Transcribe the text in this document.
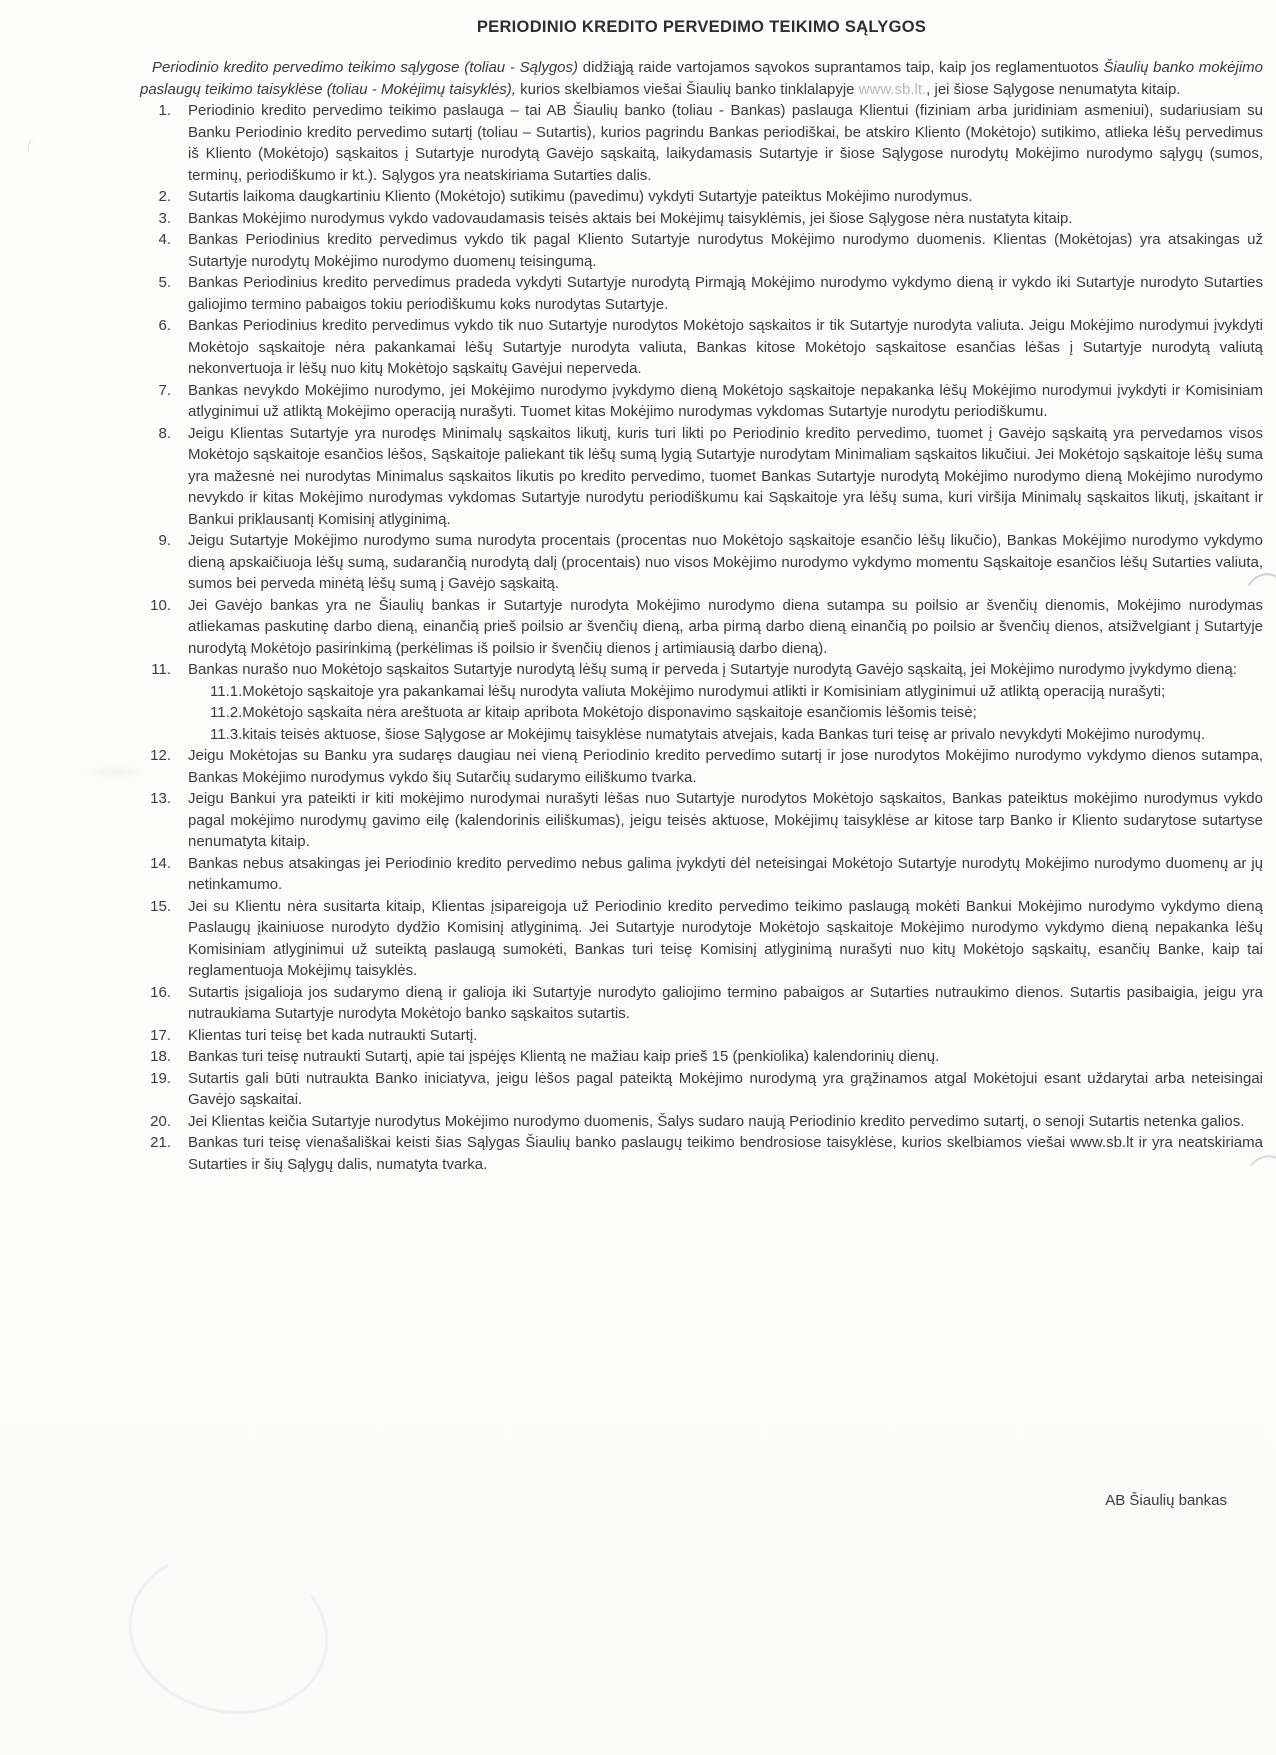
PERIODINIO KREDITO PERVEDIMO TEIKIMO SĄLYGOS

Periodinio kredito pervedimo teikimo sąlygose (toliau - Sąlygos) didžiąją raide vartojamos sąvokos suprantamos taip, kaip jos reglamentuotos Šiaulių banko mokėjimo paslaugų teikimo taisyklėse (toliau - Mokėjimų taisyklės), kurios skelbiamos viešai Šiaulių banko tinklalapyje www.sb.lt., jei šiose Sąlygose nenumatyta kitaip.

1. Periodinio kredito pervedimo teikimo paslauga – tai AB Šiaulių banko (toliau - Bankas) paslauga Klientui (fiziniam arba juridiniam asmeniui), sudariusiam su Banku Periodinio kredito pervedimo sutartį (toliau – Sutartis), kurios pagrindu Bankas periodiškai, be atskiro Kliento (Mokėtojo) sutikimo, atlieka lėšų pervedimus iš Kliento (Mokėtojo) sąskaitos į Sutartyje nurodytą Gavėjo sąskaitą, laikydamasis Sutartyje ir šiose Sąlygose nurodytų Mokėjimo nurodymo sąlygų (sumos, terminų, periodiškumo ir kt.). Sąlygos yra neatskiriama Sutarties dalis.
2. Sutartis laikoma daugkartiniu Kliento (Mokėtojo) sutikimu (pavedimu) vykdyti Sutartyje pateiktus Mokėjimo nurodymus.
3. Bankas Mokėjimo nurodymus vykdo vadovaudamasis teisės aktais bei Mokėjimų taisyklėmis, jei šiose Sąlygose nėra nustatyta kitaip.
4. Bankas Periodinius kredito pervedimus vykdo tik pagal Kliento Sutartyje nurodytus Mokėjimo nurodymo duomenis. Klientas (Mokėtojas) yra atsakingas už Sutartyje nurodytų Mokėjimo nurodymo duomenų teisingumą.
5. Bankas Periodinius kredito pervedimus pradeda vykdyti Sutartyje nurodytą Pirmąją Mokėjimo nurodymo vykdymo dieną ir vykdo iki Sutartyje nurodyto Sutarties galiojimo termino pabaigos tokiu periodiškumu koks nurodytas Sutartyje.
6. Bankas Periodinius kredito pervedimus vykdo tik nuo Sutartyje nurodytos Mokėtojo sąskaitos ir tik Sutartyje nurodyta valiuta. Jeigu Mokėjimo nurodymui įvykdyti Mokėtojo sąskaitoje nėra pakankamai lėšų Sutartyje nurodyta valiuta, Bankas kitose Mokėtojo sąskaitose esančias lėšas į Sutartyje nurodytą valiutą nekonvertuoja ir lėšų nuo kitų Mokėtojo sąskaitų Gavėjui neperveda.
7. Bankas nevykdo Mokėjimo nurodymo, jei Mokėjimo nurodymo įvykdymo dieną Mokėtojo sąskaitoje nepakanka lėšų Mokėjimo nurodymui įvykdyti ir Komisiniam atlyginimui už atliktą Mokėjimo operaciją nurašyti. Tuomet kitas Mokėjimo nurodymas vykdomas Sutartyje nurodytu periodiškumu.
8. Jeigu Klientas Sutartyje yra nurodęs Minimalų sąskaitos likutį, kuris turi likti po Periodinio kredito pervedimo, tuomet į Gavėjo sąskaitą yra pervedamos visos Mokėtojo sąskaitoje esančios lėšos, Sąskaitoje paliekant tik lėšų sumą lygią Sutartyje nurodytam Minimaliam sąskaitos likučiui. Jei Mokėtojo sąskaitoje lėšų suma yra mažesnė nei nurodytas Minimalus sąskaitos likutis po kredito pervedimo, tuomet Bankas Sutartyje nurodytą Mokėjimo nurodymo dieną Mokėjimo nurodymo nevykdo ir kitas Mokėjimo nurodymas vykdomas Sutartyje nurodytu periodiškumu kai Sąskaitoje yra lėšų suma, kuri viršija Minimalų sąskaitos likutį, įskaitant ir Bankui priklausantį Komisinį atlyginimą.
9. Jeigu Sutartyje Mokėjimo nurodymo suma nurodyta procentais (procentas nuo Mokėtojo sąskaitoje esančio lėšų likučio), Bankas Mokėjimo nurodymo vykdymo dieną apskaičiuoja lėšų sumą, sudarančią nurodytą dalį (procentais) nuo visos Mokėjimo nurodymo vykdymo momentu Sąskaitoje esančios lėšų Sutarties valiuta, sumos bei perveda minėtą lėšų sumą į Gavėjo sąskaitą.
10. Jei Gavėjo bankas yra ne Šiaulių bankas ir Sutartyje nurodyta Mokėjimo nurodymo diena sutampa su poilsio ar švenčių dienomis, Mokėjimo nurodymas atliekamas paskutinę darbo dieną, einančią prieš poilsio ar švenčių dieną, arba pirmą darbo dieną einančią po poilsio ar švenčių dienos, atsižvelgiant į Sutartyje nurodytą Mokėtojo pasirinkimą (perkėlimas iš poilsio ir švenčių dienos į artimiausią darbo dieną).
11. Bankas nurašo nuo Mokėtojo sąskaitos Sutartyje nurodytą lėšų sumą ir perveda į Sutartyje nurodytą Gavėjo sąskaitą, jei Mokėjimo nurodymo įvykdymo dieną:
11.1. Mokėtojo sąskaitoje yra pakankamai lėšų nurodyta valiuta Mokėjimo nurodymui atlikti ir Komisiniam atlyginimui už atliktą operaciją nurašyti;
11.2. Mokėtojo sąskaita nėra areštuota ar kitaip apribota Mokėtojo disponavimo sąskaitoje esančiomis lėšomis teisė;
11.3. kitais teisės aktuose, šiose Sąlygose ar Mokėjimų taisyklėse numatytais atvejais, kada Bankas turi teisę ar privalo nevykdyti Mokėjimo nurodymų.
12. Jeigu Mokėtojas su Banku yra sudaręs daugiau nei vieną Periodinio kredito pervedimo sutartį ir jose nurodytos Mokėjimo nurodymo vykdymo dienos sutampa, Bankas Mokėjimo nurodymus vykdo šių Sutarčių sudarymo eiliškumo tvarka.
13. Jeigu Bankui yra pateikti ir kiti mokėjimo nurodymai nurašyti lėšas nuo Sutartyje nurodytos Mokėtojo sąskaitos, Bankas pateiktus mokėjimo nurodymus vykdo pagal mokėjimo nurodymų gavimo eilę (kalendorinis eiliškumas), jeigu teisės aktuose, Mokėjimų taisyklėse ar kitose tarp Banko ir Kliento sudarytose sutartyse nenumatyta kitaip.
14. Bankas nebus atsakingas jei Periodinio kredito pervedimo nebus galima įvykdyti dėl neteisingai Mokėtojo Sutartyje nurodytų Mokėjimo nurodymo duomenų ar jų netinkamumo.
15. Jei su Klientu nėra susitarta kitaip, Klientas įsipareigoja už Periodinio kredito pervedimo teikimo paslaugą mokėti Bankui Mokėjimo nurodymo vykdymo dieną Paslaugų įkainiuose nurodyto dydžio Komisinį atlyginimą. Jei Sutartyje nurodytoje Mokėtojo sąskaitoje Mokėjimo nurodymo vykdymo dieną nepakanka lėšų Komisiniam atlyginimui už suteiktą paslaugą sumokėti, Bankas turi teisę Komisinį atlyginimą nurašyti nuo kitų Mokėtojo sąskaitų, esančių Banke, kaip tai reglamentuoja Mokėjimų taisyklės.
16. Sutartis įsigalioja jos sudarymo dieną ir galioja iki Sutartyje nurodyto galiojimo termino pabaigos ar Sutarties nutraukimo dienos. Sutartis pasibaigia, jeigu yra nutraukiama Sutartyje nurodyta Mokėtojo banko sąskaitos sutartis.
17. Klientas turi teisę bet kada nutraukti Sutartį.
18. Bankas turi teisę nutraukti Sutartį, apie tai įspėjęs Klientą ne mažiau kaip prieš 15 (penkiolika) kalendorinių dienų.
19. Sutartis gali būti nutraukta Banko iniciatyva, jeigu lėšos pagal pateiktą Mokėjimo nurodymą yra grąžinamos atgal Mokėtojui esant uždarytai arba neteisingai Gavėjo sąskaitai.
20. Jei Klientas keičia Sutartyje nurodytus Mokėjimo nurodymo duomenis, Šalys sudaro naują Periodinio kredito pervedimo sutartį, o senoji Sutartis netenka galios.
21. Bankas turi teisę vienašališkai keisti šias Sąlygas Šiaulių banko paslaugų teikimo bendrosiose taisyklėse, kurios skelbiamos viešai www.sb.lt ir yra neatskiriama Sutarties ir šių Sąlygų dalis, numatyta tvarka.
AB Šiaulių bankas
